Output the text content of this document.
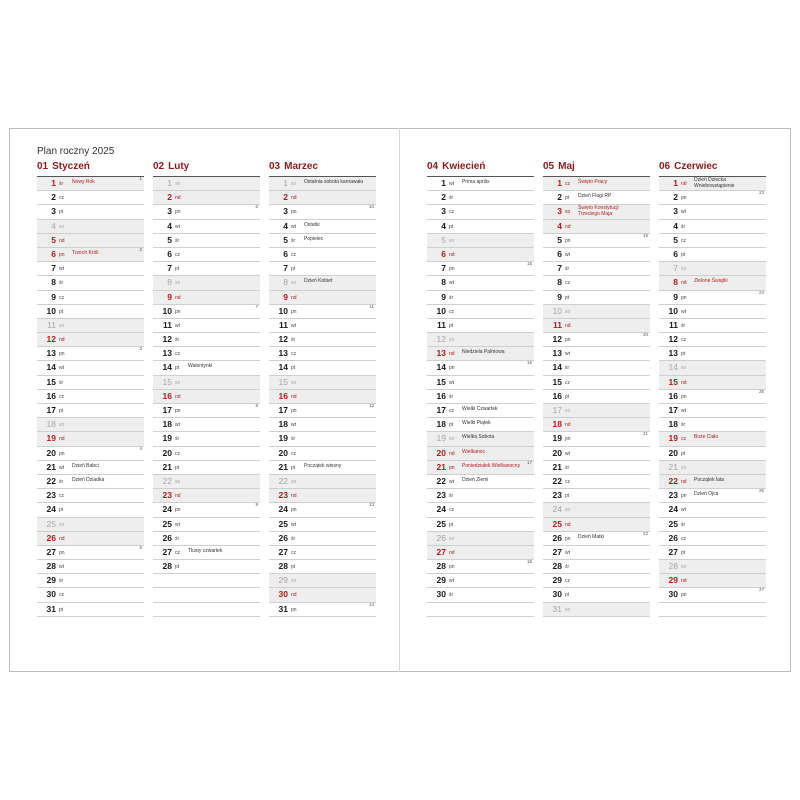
Plan roczny 2025
01 Styczeń
1 śr Nowy Rok
1
2 cz
3 pt
4 so
5 nd
6 pn Trzech Króli
2
7 wt
8 śr
9 cz
10 pt
11 so
12 nd
13 pn
3
14 wt
15 śr
16 cz
17 pt
18 so
19 nd
20 pn
4
21 wt Dzień Babci
22 śr Dzień Dziadka
23 cz
24 pt
25 so
26 nd
27 pn
5
28 wt
29 śr
30 cz
31 pt
02 Luty
1 so
2 nd
3 pn
6
4 wt
5 śr
6 cz
7 pt
8 so
9 nd
10 pn
7
11 wt
12 śr
13 cz
14 pt Walentynki
15 so
16 nd
17 pn
8
18 wt
19 śr
20 cz
21 pt
22 so
23 nd
24 pn
9
25 wt
26 śr
27 cz Tłusty czwartek
28 pt
03 Marzec
1 so Ostatnia sobota karnawału
2 nd
3 pn
10
4 wt Ostatki
5 śr Popielec
6 cz
7 pt
8 so Dzień Kobiet
9 nd
10 pn
11
11 wt
12 śr
13 cz
14 pt
15 so
16 nd
17 pn
12
18 wt
19 śr
20 cz
21 pt Początek wiosny
22 so
23 nd
24 pn
13
25 wt
26 śr
27 cz
28 pt
29 so
30 nd
31 pn
14
04 Kwiecień
1 wt Prima aprilis
2 śr
3 cz
4 pt
5 so
6 nd
7 pn
15
8 wt
9 śr
10 cz
11 pt
12 so
13 nd Niedziela Palmowa
14 pn
16
15 wt
16 śr
17 cz Wielki Czwartek
18 pt Wielki Piątek
19 so Wielka Sobota
20 nd Wielkanoc
21 pn Poniedziałek Wielkanocny
17
22 wt Dzień Ziemi
23 śr
24 cz
25 pt
26 so
27 nd
28 pn
18
29 wt
30 śr
05 Maj
1 cz Święto Pracy
2 pt Dzień Flagi RP
3 so
Święto Konstytucji Trzeciego Maja
4 nd
5 pn
19
6 wt
7 śr
8 cz
9 pt
10 so
11 nd
12 pn
20
13 wt
14 śr
15 cz
16 pt
17 so
18 nd
19 pn
21
20 wt
21 śr
22 cz
23 pt
24 so
25 nd
26 pn Dzień Matki
22
27 wt
28 śr
29 cz
30 pt
31 so
06 Czerwiec
1 nd
Dzień Dziecka Wniebowstąpienie
2 pn
23
3 wt
4 śr
5 cz
6 pt
7 so
8 nd Zielone Świątki
9 pn
24
10 wt
11 śr
12 cz
13 pt
14 so
15 nd
16 pn
25
17 wt
18 śr
19 cz Boże Ciało
20 pt
21 so
22 nd Początek lata
23 pn Dzień Ojca
26
24 wt
25 śr
26 cz
27 pt
28 so
29 nd
30 pn
27
